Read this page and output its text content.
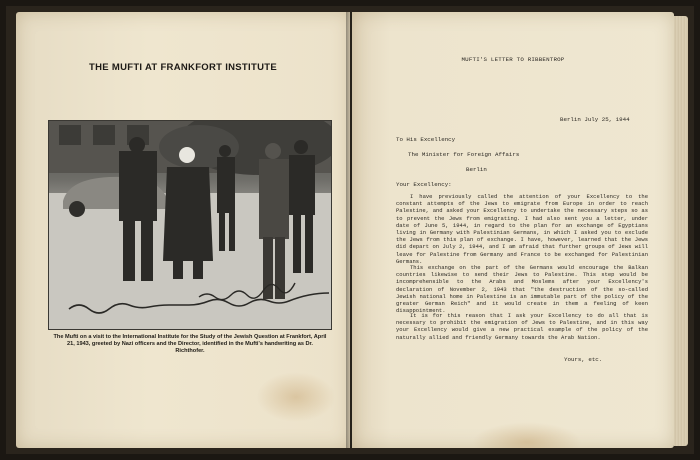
THE MUFTI AT FRANKFORT INSTITUTE
The Mufti on a visit to the International Institute for the Study of the Jewish Question at Frankfort, April 21, 1943, greeted by Nazi officers and the Director, identified in the Mufti's handwriting as Dr. Richthofer.
MUFTI'S LETTER TO RIBBENTROP
Berlin July 25, 1944
To His Excellency
The Minister for Foreign Affairs
Berlin
Your Excellency:

I have previously called the attention of your Excellency to the constant attempts of the Jews to emigrate from Europe in order to reach Palestine, and asked your Excellency to undertake the necessary steps so as to prevent the Jews from emigrating. I had also sent you a letter, under date of June 5, 1944, in regard to the plan for an exchange of Egyptians living in Germany with Palestinian Germans, in which I asked you to exclude the Jews from this plan of exchange. I have, however, learned that the Jews did depart on July 2, 1944, and I am afraid that further groups of Jews will leave for Palestine from Germany and France to be exchanged for Palestinian Germans.

This exchange on the part of the Germans would encourage the Balkan countries likewise to send their Jews to Palestine. This step would be incomprehensible to the Arabs and Moslems after your Excellency's declaration of November 2, 1943 that "the destruction of the so-called Jewish national home in Palestine is an immutable part of the policy of the greater German Reich" and it would create in them a feeling of keen disappointment.

It is for this reason that I ask your Excellency to do all that is necessary to prohibit the emigration of Jews to Palestine, and in this way your Excellency would give a new practical example of the policy of the naturally allied and friendly Germany towards the Arab Nation.

Yours, etc.
